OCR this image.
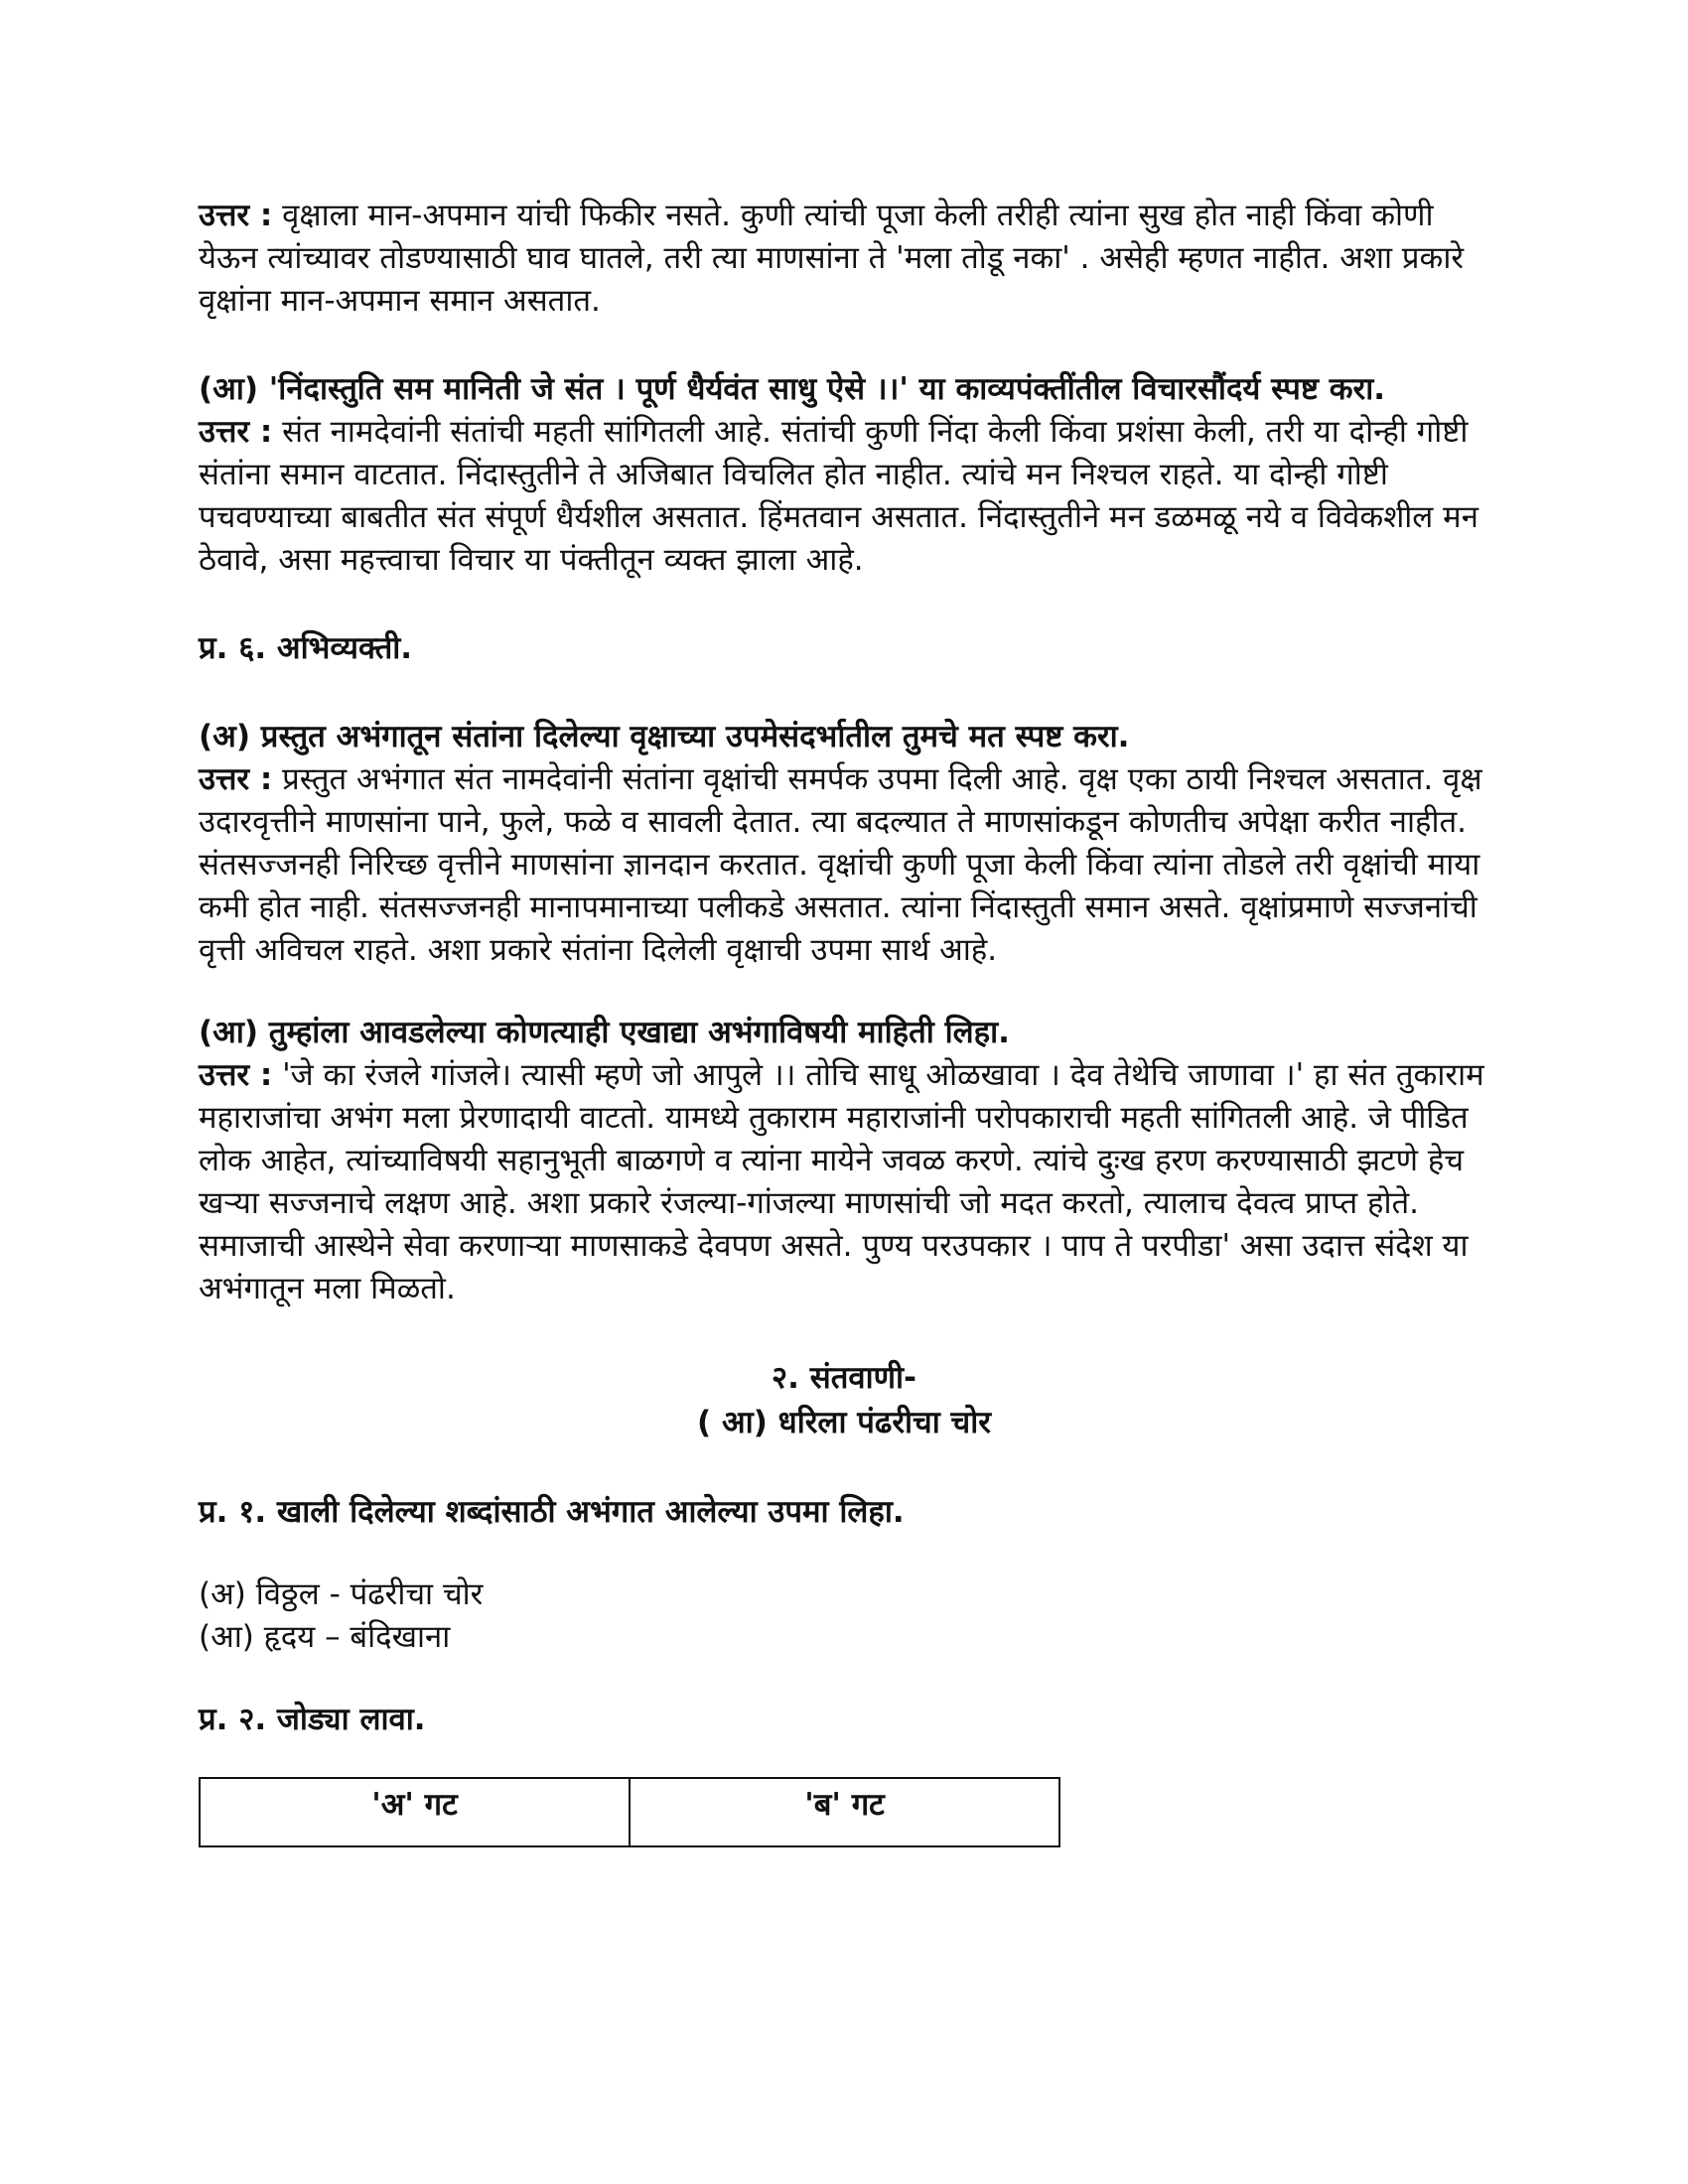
उत्तर : वृक्षाला मान-अपमान यांची फिकीर नसते. कुणी त्यांची पूजा केली तरीही त्यांना सुख होत नाही किंवा कोणी येऊन त्यांच्यावर तोडण्यासाठी घाव घातले, तरी त्या माणसांना ते 'मला तोडू नका' . असेही म्हणत नाहीत. अशा प्रकारे वृक्षांना मान-अपमान समान असतात.

(आ) 'निंदास्तुति सम मानिती जे संत । पूर्ण धैर्यवंत साधु ऐसे ।।' या काव्यपंक्तींतील विचारसौंदर्य स्पष्ट करा.

उत्तर : संत नामदेवांनी संतांची महती सांगितली आहे. संतांची कुणी निंदा केली किंवा प्रशंसा केली, तरी या दोन्ही गोष्टी संतांना समान वाटतात. निंदास्तुतीने ते अजिबात विचलित होत नाहीत. त्यांचे मन निश्चल राहते. या दोन्ही गोष्टी पचवण्याच्या बाबतीत संत संपूर्ण धैर्यशील असतात. हिंमतवान असतात. निंदास्तुतीने मन डळमळू नये व विवेकशील मन ठेवावे, असा महत्त्वाचा विचार या पंक्तीतून व्यक्त झाला आहे.

प्र. ६. अभिव्यक्ती.

(अ) प्रस्तुत अभंगातून संतांना दिलेल्या वृक्षाच्या उपमेसंदर्भातील तुमचे मत स्पष्ट करा.

उत्तर : प्रस्तुत अभंगात संत नामदेवांनी संतांना वृक्षांची समर्पक उपमा दिली आहे. वृक्ष एका ठायी निश्चल असतात. वृक्ष उदारवृत्तीने माणसांना पाने, फुले, फळे व सावली देतात. त्या बदल्यात ते माणसांकडून कोणतीच अपेक्षा करीत नाहीत. संतसज्जनही निरिच्छ वृत्तीने माणसांना ज्ञानदान करतात. वृक्षांची कुणी पूजा केली किंवा त्यांना तोडले तरी वृक्षांची माया कमी होत नाही. संतसज्जनही मानापमानाच्या पलीकडे असतात. त्यांना निंदास्तुती समान असते. वृक्षांप्रमाणे सज्जनांची वृत्ती अविचल राहते. अशा प्रकारे संतांना दिलेली वृक्षाची उपमा सार्थ आहे.

(आ) तुम्हांला आवडलेल्या कोणत्याही एखाद्या अभंगाविषयी माहिती लिहा.

उत्तर : 'जे का रंजले गांजले। त्यासी म्हणे जो आपुले ।। तोचि साधू ओळखावा । देव तेथेचि जाणावा ।' हा संत तुकाराम महाराजांचा अभंग मला प्रेरणादायी वाटतो. यामध्ये तुकाराम महाराजांनी परोपकाराची महती सांगितली आहे. जे पीडित लोक आहेत, त्यांच्याविषयी सहानुभूती बाळगणे व त्यांना मायेने जवळ करणे. त्यांचे दुःख हरण करण्यासाठी झटणे हेच खऱ्या सज्जनाचे लक्षण आहे. अशा प्रकारे रंजल्या-गांजल्या माणसांची जो मदत करतो, त्यालाच देवत्व प्राप्त होते. समाजाची आस्थेने सेवा करणाऱ्या माणसाकडे देवपण असते. पुण्य परउपकार । पाप ते परपीडा' असा उदात्त संदेश या अभंगातून मला मिळतो.

२. संतवाणी-

( आ) धरिला पंढरीचा चोर

प्र. १. खाली दिलेल्या शब्दांसाठी अभंगात आलेल्या उपमा लिहा.

(अ) विठ्ठल - पंढरीचा चोर

(आ) हृदय – बंदिखाना

प्र. २. जोड्या लावा.

'अ' गट	'ब' गट
